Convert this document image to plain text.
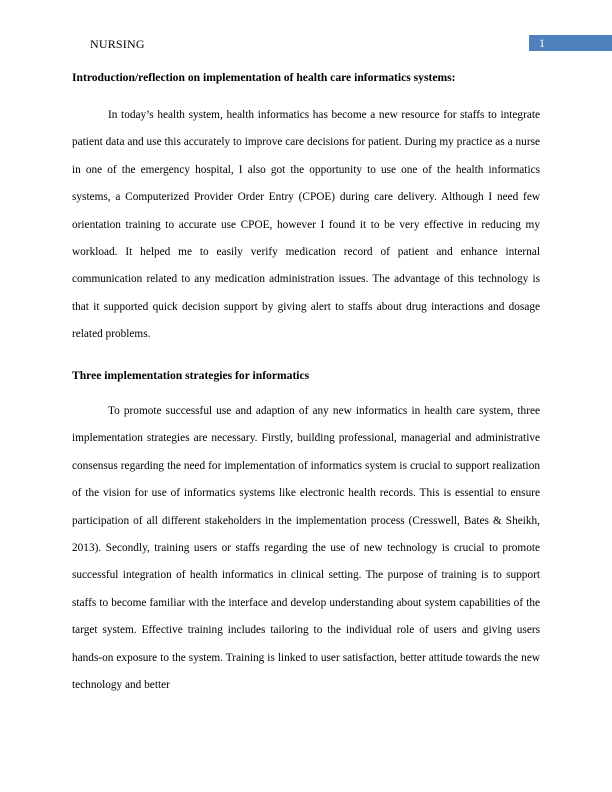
NURSING	1
Introduction/reflection on implementation of health care informatics systems:

In today’s health system, health informatics has become a new resource for staffs to integrate patient data and use this accurately to improve care decisions for patient. During my practice as a nurse in one of the emergency hospital, I also got the opportunity to use one of the health informatics systems, a Computerized Provider Order Entry (CPOE) during care delivery. Although I need few orientation training to accurate use CPOE, however I found it to be very effective in reducing my workload. It helped me to easily verify medication record of patient and enhance internal communication related to any medication administration issues. The advantage of this technology is that it supported quick decision support by giving alert to staffs about drug interactions and dosage related problems.

Three implementation strategies for informatics

To promote successful use and adaption of any new informatics in health care system, three implementation strategies are necessary. Firstly, building professional, managerial and administrative consensus regarding the need for implementation of informatics system is crucial to support realization of the vision for use of informatics systems like electronic health records. This is essential to ensure participation of all different stakeholders in the implementation process (Cresswell, Bates & Sheikh, 2013). Secondly, training users or staffs regarding the use of new technology is crucial to promote successful integration of health informatics in clinical setting. The purpose of training is to support staffs to become familiar with the interface and develop understanding about system capabilities of the target system. Effective training includes tailoring to the individual role of users and giving users hands-on exposure to the system. Training is linked to user satisfaction, better attitude towards the new technology and better
